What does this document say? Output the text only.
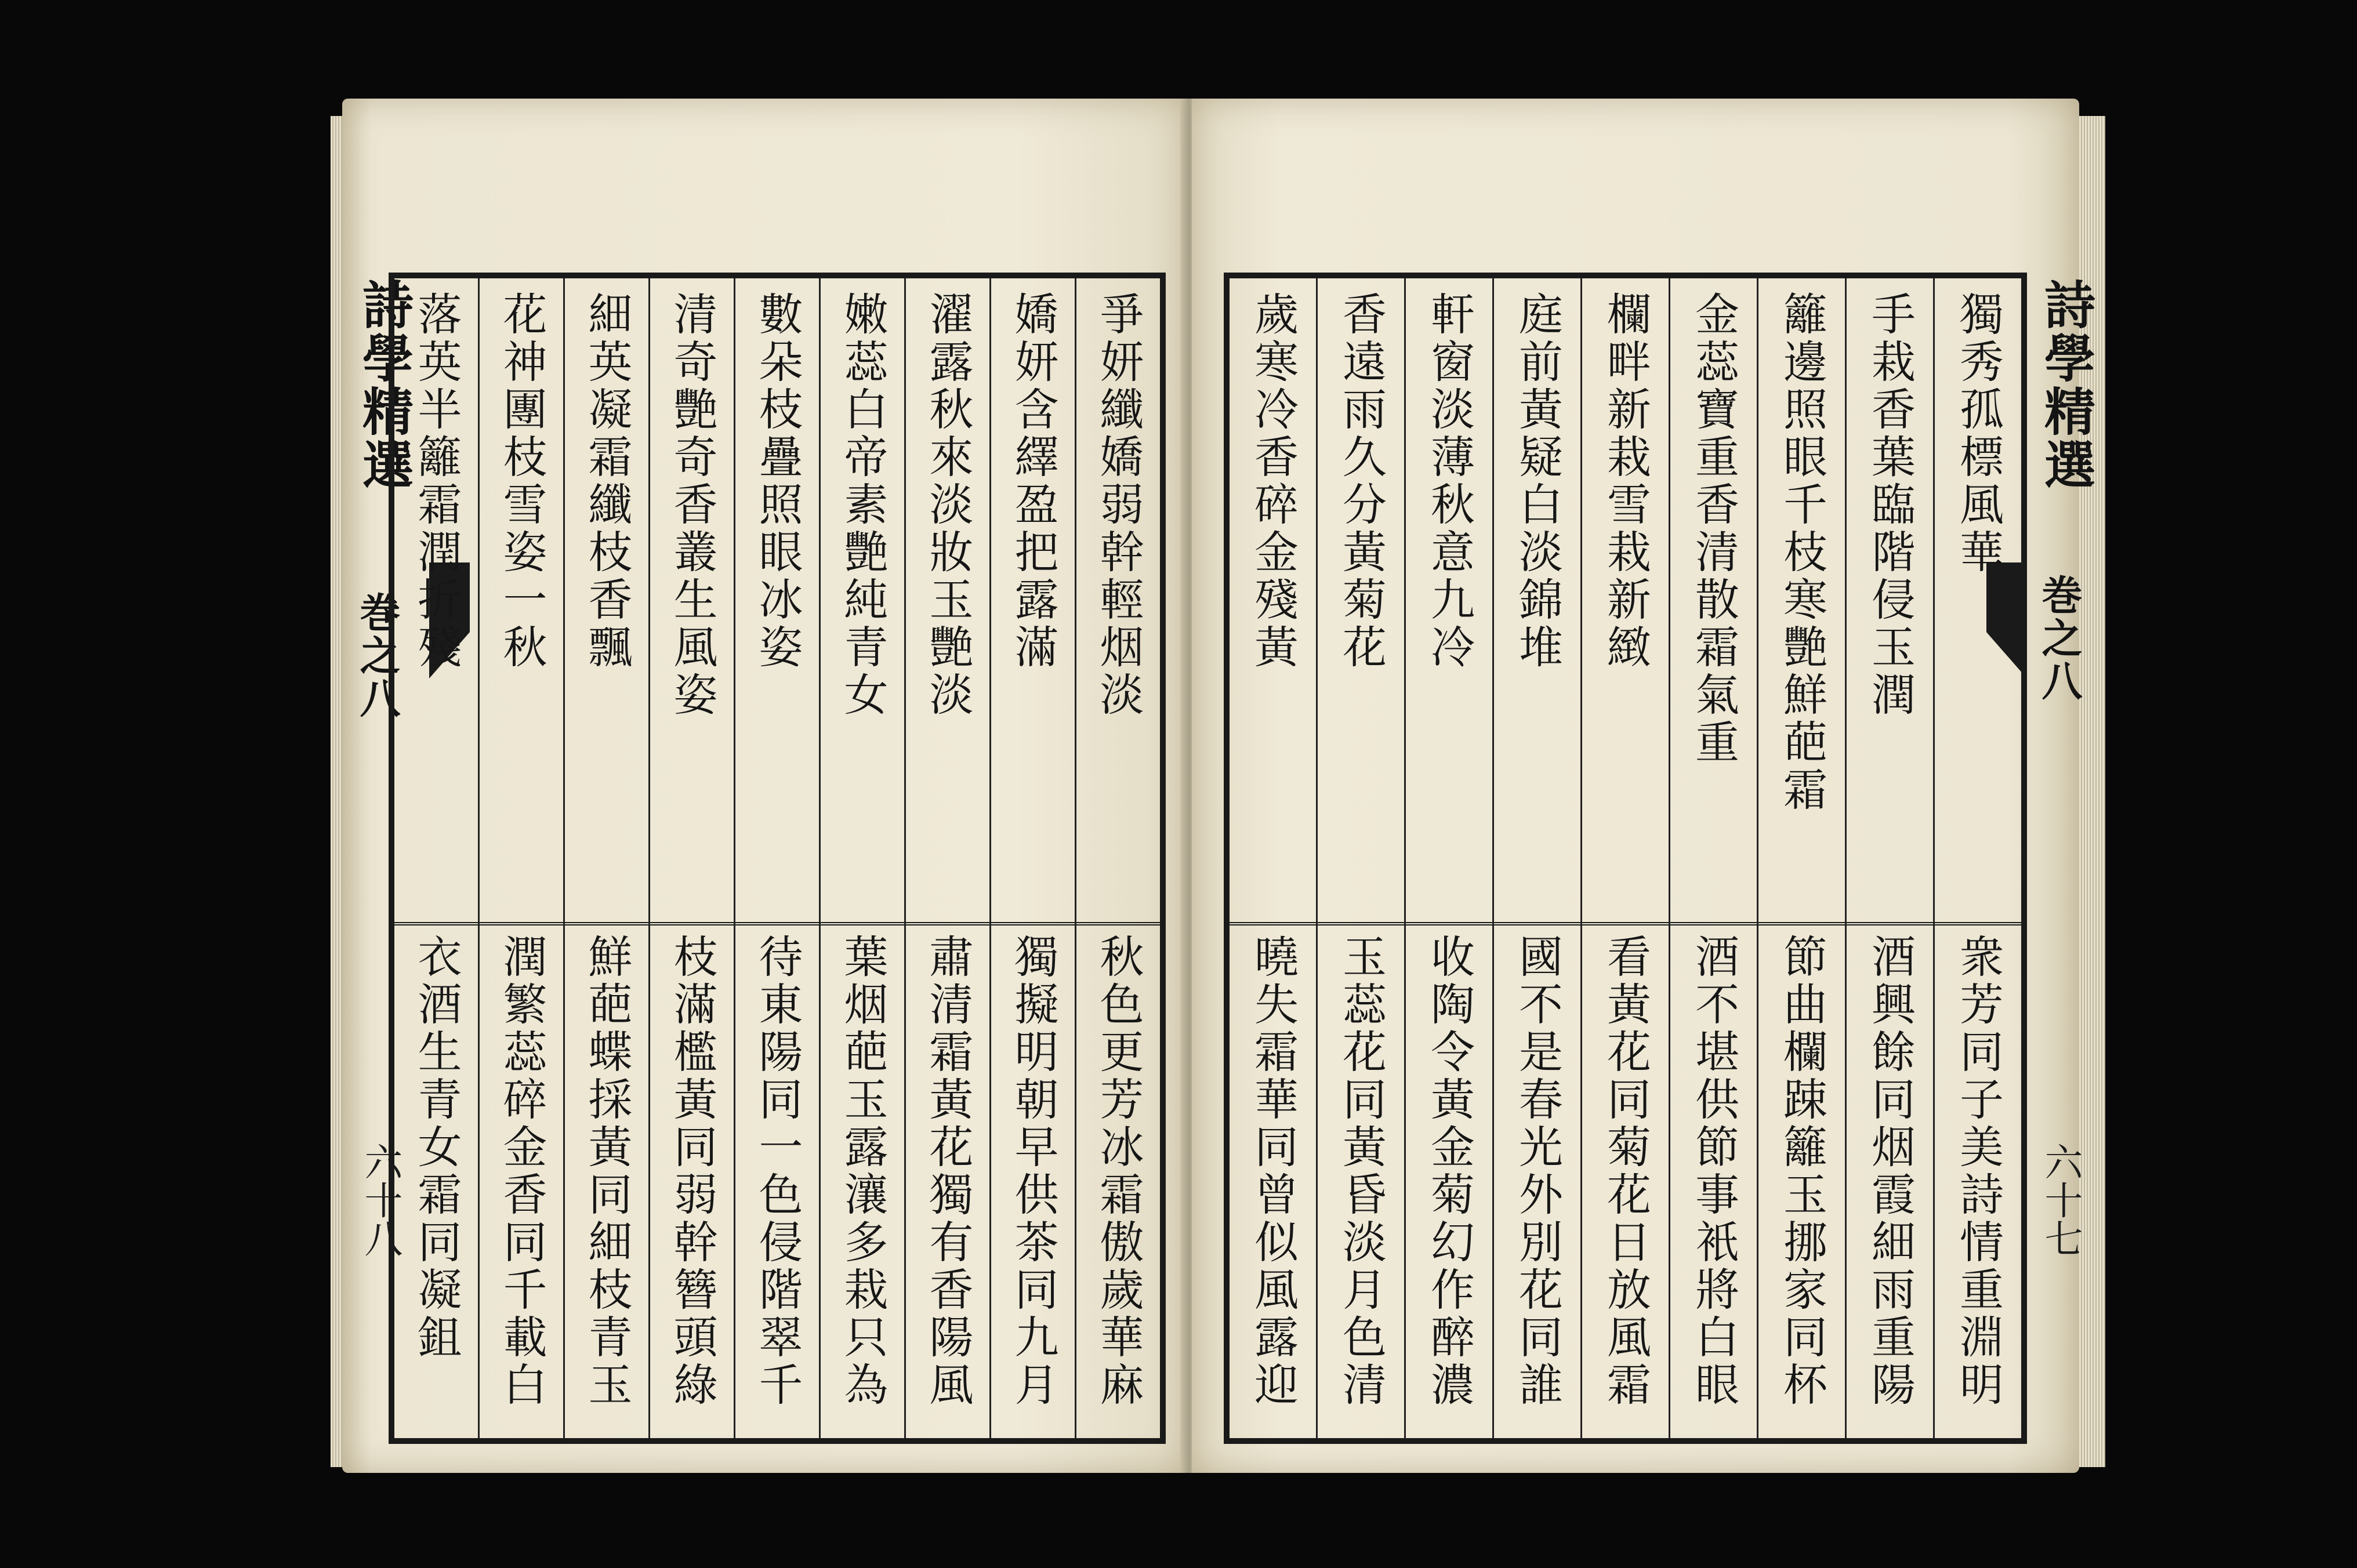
詩學精選
巻之八
六十八
爭妍纖嬌弱幹輕烟淡
秋色更芳冰霜傲歲華麻
嬌妍含繹盈把露滿
獨擬明朝早供茶同九月
濯露秋來淡妝玉艷淡
肅清霜黃花獨有香陽風
嫩蕊白帝素艷純青女
葉烟葩玉露瀼多栽只為
數朵枝疊照眼冰姿
待東陽同一色侵階翠千
清奇艷奇香叢生風姿
枝滿檻黃同弱幹簪頭綠
細英凝霜纖枝香飄
鮮葩蝶採黃同細枝青玉
花神團枝雪姿一秋
潤繁蕊碎金香同千載白
落英半籬霜潤折殘
衣酒生青女霜同凝鉏
詩學精選
巻之八
六十七
獨秀孤標風華
衆芳同子美詩情重淵明
手栽香葉臨階侵玉潤
酒興餘同烟霞細雨重陽
籬邊照眼千枝寒艷鮮葩霜
節曲欄踈籬玉挪家同杯
金蕊寶重香清散霜氣重
酒不堪供節事衹將白眼
欄畔新栽雪栽新緻
看黃花同菊花日放風霜
庭前黃疑白淡錦堆
國不是春光外別花同誰
軒窗淡薄秋意九冷
收陶令黃金菊幻作醉濃
香遠雨久分黃菊花
玉蕊花同黃昏淡月色清
歲寒冷香碎金殘黃
曉失霜華同曾似風露迎
